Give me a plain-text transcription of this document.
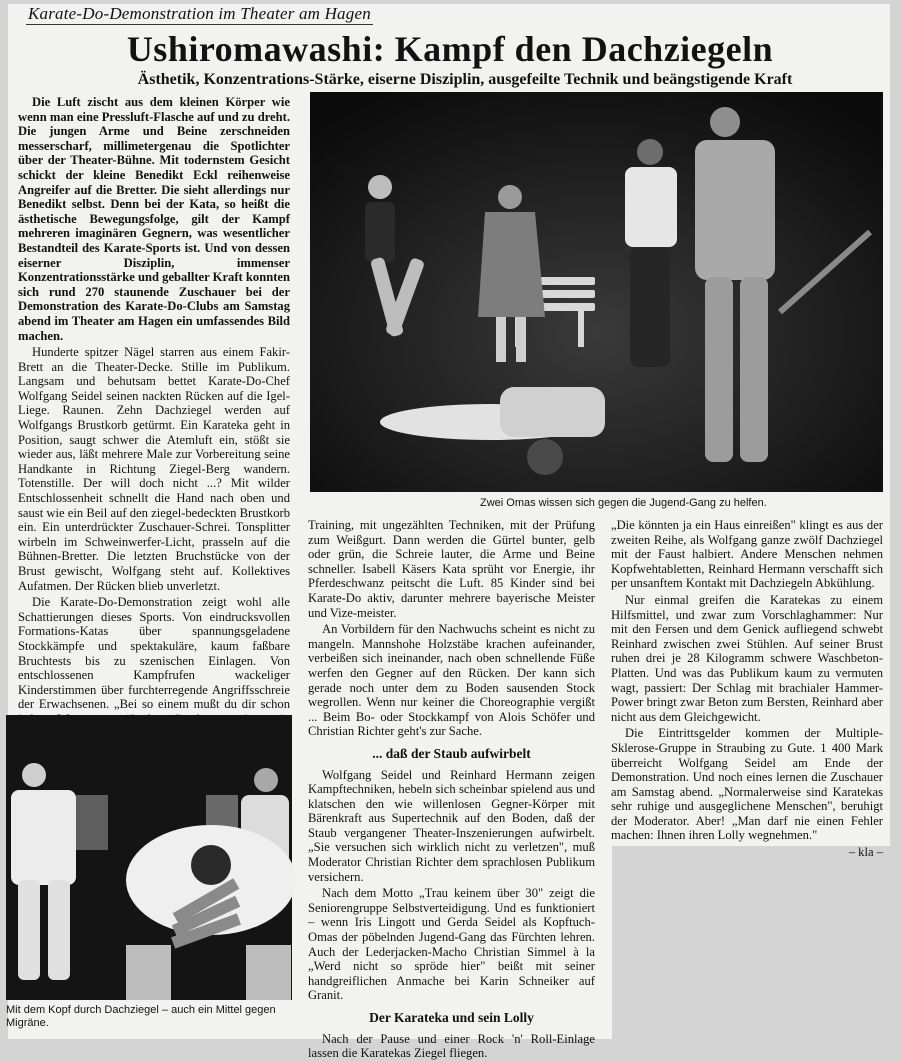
Karate-Do-Demonstration im Theater am Hagen
Ushiromawashi: Kampf den Dachziegeln
Ästhetik, Konzentrations-Stärke, eiserne Disziplin, ausgefeilte Technik und beängstigende Kraft

Die Luft zischt aus dem kleinen Körper wie wenn man eine Pressluft-Flasche auf und zu dreht. Die jungen Arme und Beine zerschneiden messerscharf, millimetergenau die Spotlichter über der Theater-Bühne. Mit todernstem Gesicht schickt der kleine Benedikt Eckl reihenweise Angreifer auf die Bretter. Die sieht allerdings nur Benedikt selbst. Denn bei der Kata, so heißt die ästhetische Bewegungsfolge, gilt der Kampf mehreren imaginären Gegnern, was wesentlicher Bestandteil des Karate-Sports ist. Und von dessen eiserner Disziplin, immenser Konzentrationsstärke und geballter Kraft konnten sich rund 270 staunende Zuschauer bei der Demonstration des Karate-Do-Clubs am Samstag abend im Theater am Hagen ein umfassendes Bild machen.

Hunderte spitzer Nägel starren aus einem Fakir-Brett an die Theater-Decke. Stille im Publikum. Langsam und behutsam bettet Karate-Do-Chef Wolfgang Seidel seinen nackten Rücken auf die Igel-Liege. Raunen. Zehn Dachziegel werden auf Wolfgangs Brustkorb getürmt. Ein Karateka geht in Position, saugt schwer die Atemluft ein, stößt sie wieder aus, läßt mehrere Male zur Vorbereitung seine Handkante in Richtung Ziegel-Berg wandern. Totenstille. Der will doch nicht ...? Mit wilder Entschlossenheit schnellt die Hand nach oben und saust wie ein Beil auf den ziegel-bedeckten Brustkorb ein. Ein unterdrückter Zuschauer-Schrei. Tonsplitter wirbeln im Schweinwerfer-Licht, prasseln auf die Bühnen-Bretter. Die letzten Bruchstücke von der Brust gewischt, Wolfgang steht auf. Kollektives Aufatmen. Der Rücken blieb unverletzt.

Die Karate-Do-Demonstration zeigt wohl alle Schattierungen dieses Sports. Von eindrucksvollen Formations-Katas über spannungsgeladene Stockkämpfe und spektakuläre, kaum faßbare Bruchtests bis zu szenischen Einlagen. Von entschlossenen Kampfrufen wackeliger Kinderstimmen über furchterregende Angriffsschreie der Erwachsenen. „Bei so einem mußt du dir schon

Zwei Omas wissen sich gegen die Jugend-Gang zu helfen.

Training, mit ungezählten Techniken, mit der Prüfung zum Weißgurt. Dann werden die Gürtel bunter, gelb oder grün, die Schreie lauter, die Arme und Beine schneller. Isabell Käsers Kata sprüht vor Energie, ihr Pferdeschwanz peitscht die Luft. 85 Kinder sind bei Karate-Do aktiv, darunter mehrere bayerische Meister und Vize-meister.

An Vorbildern für den Nachwuchs scheint es nicht zu mangeln. Mannshohe Holzstäbe krachen aufeinander, verbeißen sich ineinander, nach oben schnellende Füße werfen den Gegner auf den Rücken. Der kann sich gerade noch unter dem zu Boden sausenden Stock wegrollen. Wenn nur keiner die Choreographie vergißt ... Beim Bo- oder Stockkampf von Alois Schöfer und Christian Richter geht's zur Sache.

... daß der Staub aufwirbelt

Wolfgang Seidel und Reinhard Hermann zeigen Kampftechniken, hebeln sich scheinbar spielend aus und klatschen den wie willenlosen Gegner-Körper mit Bärenkraft aus Supertechnik auf den Boden, daß der Staub vergangener Theater-Inszenierungen aufwirbelt. „Sie versuchen sich wirklich nicht zu verletzen", muß Moderator Christian Richter dem sprachlosen Publikum versichern.

Nach dem Motto „Trau keinem über 30" zeigt die Seniorengruppe Selbstverteidigung. Und es funktioniert – wenn Iris Lingott und Gerda Seidel als Kopftuch-Omas der pöbelnden Jugend-Gang das Fürchten lehren. Auch der Lederjacken-Macho Christian Simmel à la „Werd nicht so spröde hier" beißt mit seiner handgreiflichen Anmache bei Karin Schneiker auf Granit.

Der Karateka und sein Lolly

Nach der Pause und einer Rock 'n' Roll-Einlage lassen die Karatekas Ziegel fliegen.

„Die könnten ja ein Haus einreißen" klingt es aus der zweiten Reihe, als Wolfgang ganze zwölf Dachziegel mit der Faust halbiert. Andere Menschen nehmen Kopfwehtabletten, Reinhard Hermann verschafft sich per unsanftem Kontakt mit Dachziegeln Abkühlung.

Nur einmal greifen die Karatekas zu einem Hilfsmittel, und zwar zum Vorschlaghammer: Nur mit den Fersen und dem Genick aufliegend schwebt Reinhard zwischen zwei Stühlen. Auf seiner Brust ruhen drei je 28 Kilogramm schwere Waschbeton-Platten. Und was das Publikum kaum zu vermuten wagt, passiert: Der Schlag mit brachialer Hammer-Power bringt zwar Beton zum Bersten, Reinhard aber nicht aus dem Gleichgewicht.

Die Eintrittsgelder kommen der Multiple-Sklerose-Gruppe in Straubing zu Gute. 1 400 Mark überreicht Wolfgang Seidel am Ende der Demonstration. Und noch eines lernen die Zuschauer am Samstag abend. „Normalerweise sind Karatekas sehr ruhige und ausgeglichene Menschen", beruhigt der Moderator. Aber! „Man darf nie einen Fehler machen: Ihnen ihren Lolly wegnehmen."

– kla –
Mit dem Kopf durch Dachziegel – auch ein Mittel gegen Migräne.
